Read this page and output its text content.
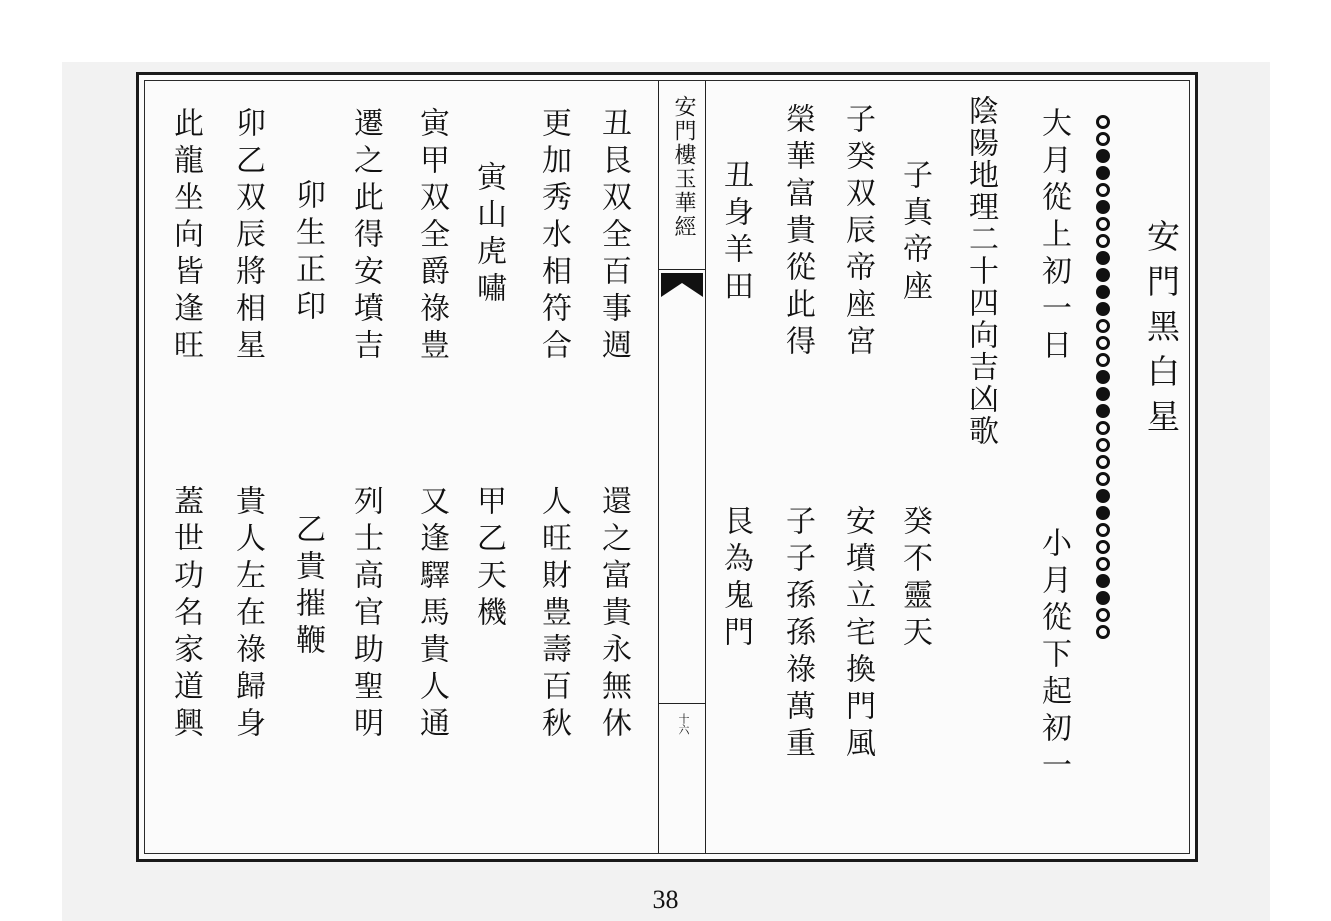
安門黑白星
大月從上初一日
小月從下起初一
陰陽地理二十四向吉凶歌
子真帝座
癸不靈天
子癸双辰帝座宮
安墳立宅換門風
榮華富貴從此得
子子孫孫祿萬重
丑身羊田
艮為鬼門
安門樓玉華經
十六
丑艮双全百事週
還之富貴永無休
更加秀水相符合
人旺財豊壽百秋
寅山虎嘯
甲乙天機
寅甲双全爵祿豊
又逢驛馬貴人通
遷之此得安墳吉
列士高官助聖明
卯生正印
乙貴摧鞭
卯乙双辰將相星
貴人左在祿歸身
此龍坐向皆逢旺
蓋世功名家道興
38
